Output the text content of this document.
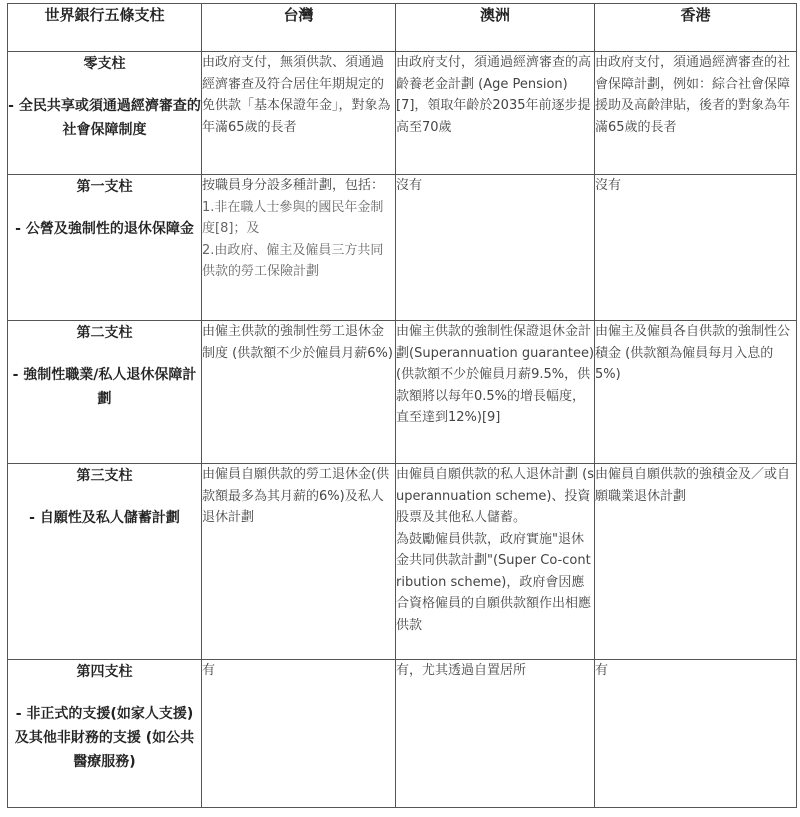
世界銀行五條支柱	台灣	澳洲	香港

零支柱
- 全民共享或須通過經濟審查的社會保障制度	由政府支付，無須供款、須通過經濟審查及符合居住年期規定的免供款「基本保證年金」，對象為年滿65歲的長者	由政府支付，須通過經濟審查的高齡養老金計劃 (Age Pension)[7]，領取年齡於2035年前逐步提高至70歲	由政府支付，須通過經濟審查的社會保障計劃，例如：綜合社會保障援助及高齡津貼，後者的對象為年滿65歲的長者

第一支柱
- 公營及強制性的退休保障金	按職員身分設多種計劃，包括：
1.非在職人士參與的國民年金制度[8]；及
2.由政府、僱主及僱員三方共同供款的勞工保險計劃	沒有	沒有

第二支柱
- 強制性職業/私人退休保障計劃	由僱主供款的強制性勞工退休金制度 (供款額不少於僱員月薪6%)	由僱主供款的強制性保證退休金計劃(Superannuation guarantee) (供款額不少於僱員月薪9.5%，供款額將以每年0.5%的增長幅度，直至達到12%)[9]	由僱主及僱員各自供款的強制性公積金 (供款額為僱員每月入息的5%)

第三支柱
- 自願性及私人儲蓄計劃	由僱員自願供款的勞工退休金(供款額最多為其月薪的6%)及私人退休計劃	由僱員自願供款的私人退休計劃 (superannuation scheme)、投資股票及其他私人儲蓄。
為鼓勵僱員供款，政府實施"退休金共同供款計劃"(Super Co-contribution scheme)，政府會因應合資格僱員的自願供款額作出相應供款	由僱員自願供款的強積金及／或自願職業退休計劃

第四支柱
- 非正式的支援(如家人支援) 及其他非財務的支援 (如公共醫療服務)	有	有，尤其透過自置居所	有
